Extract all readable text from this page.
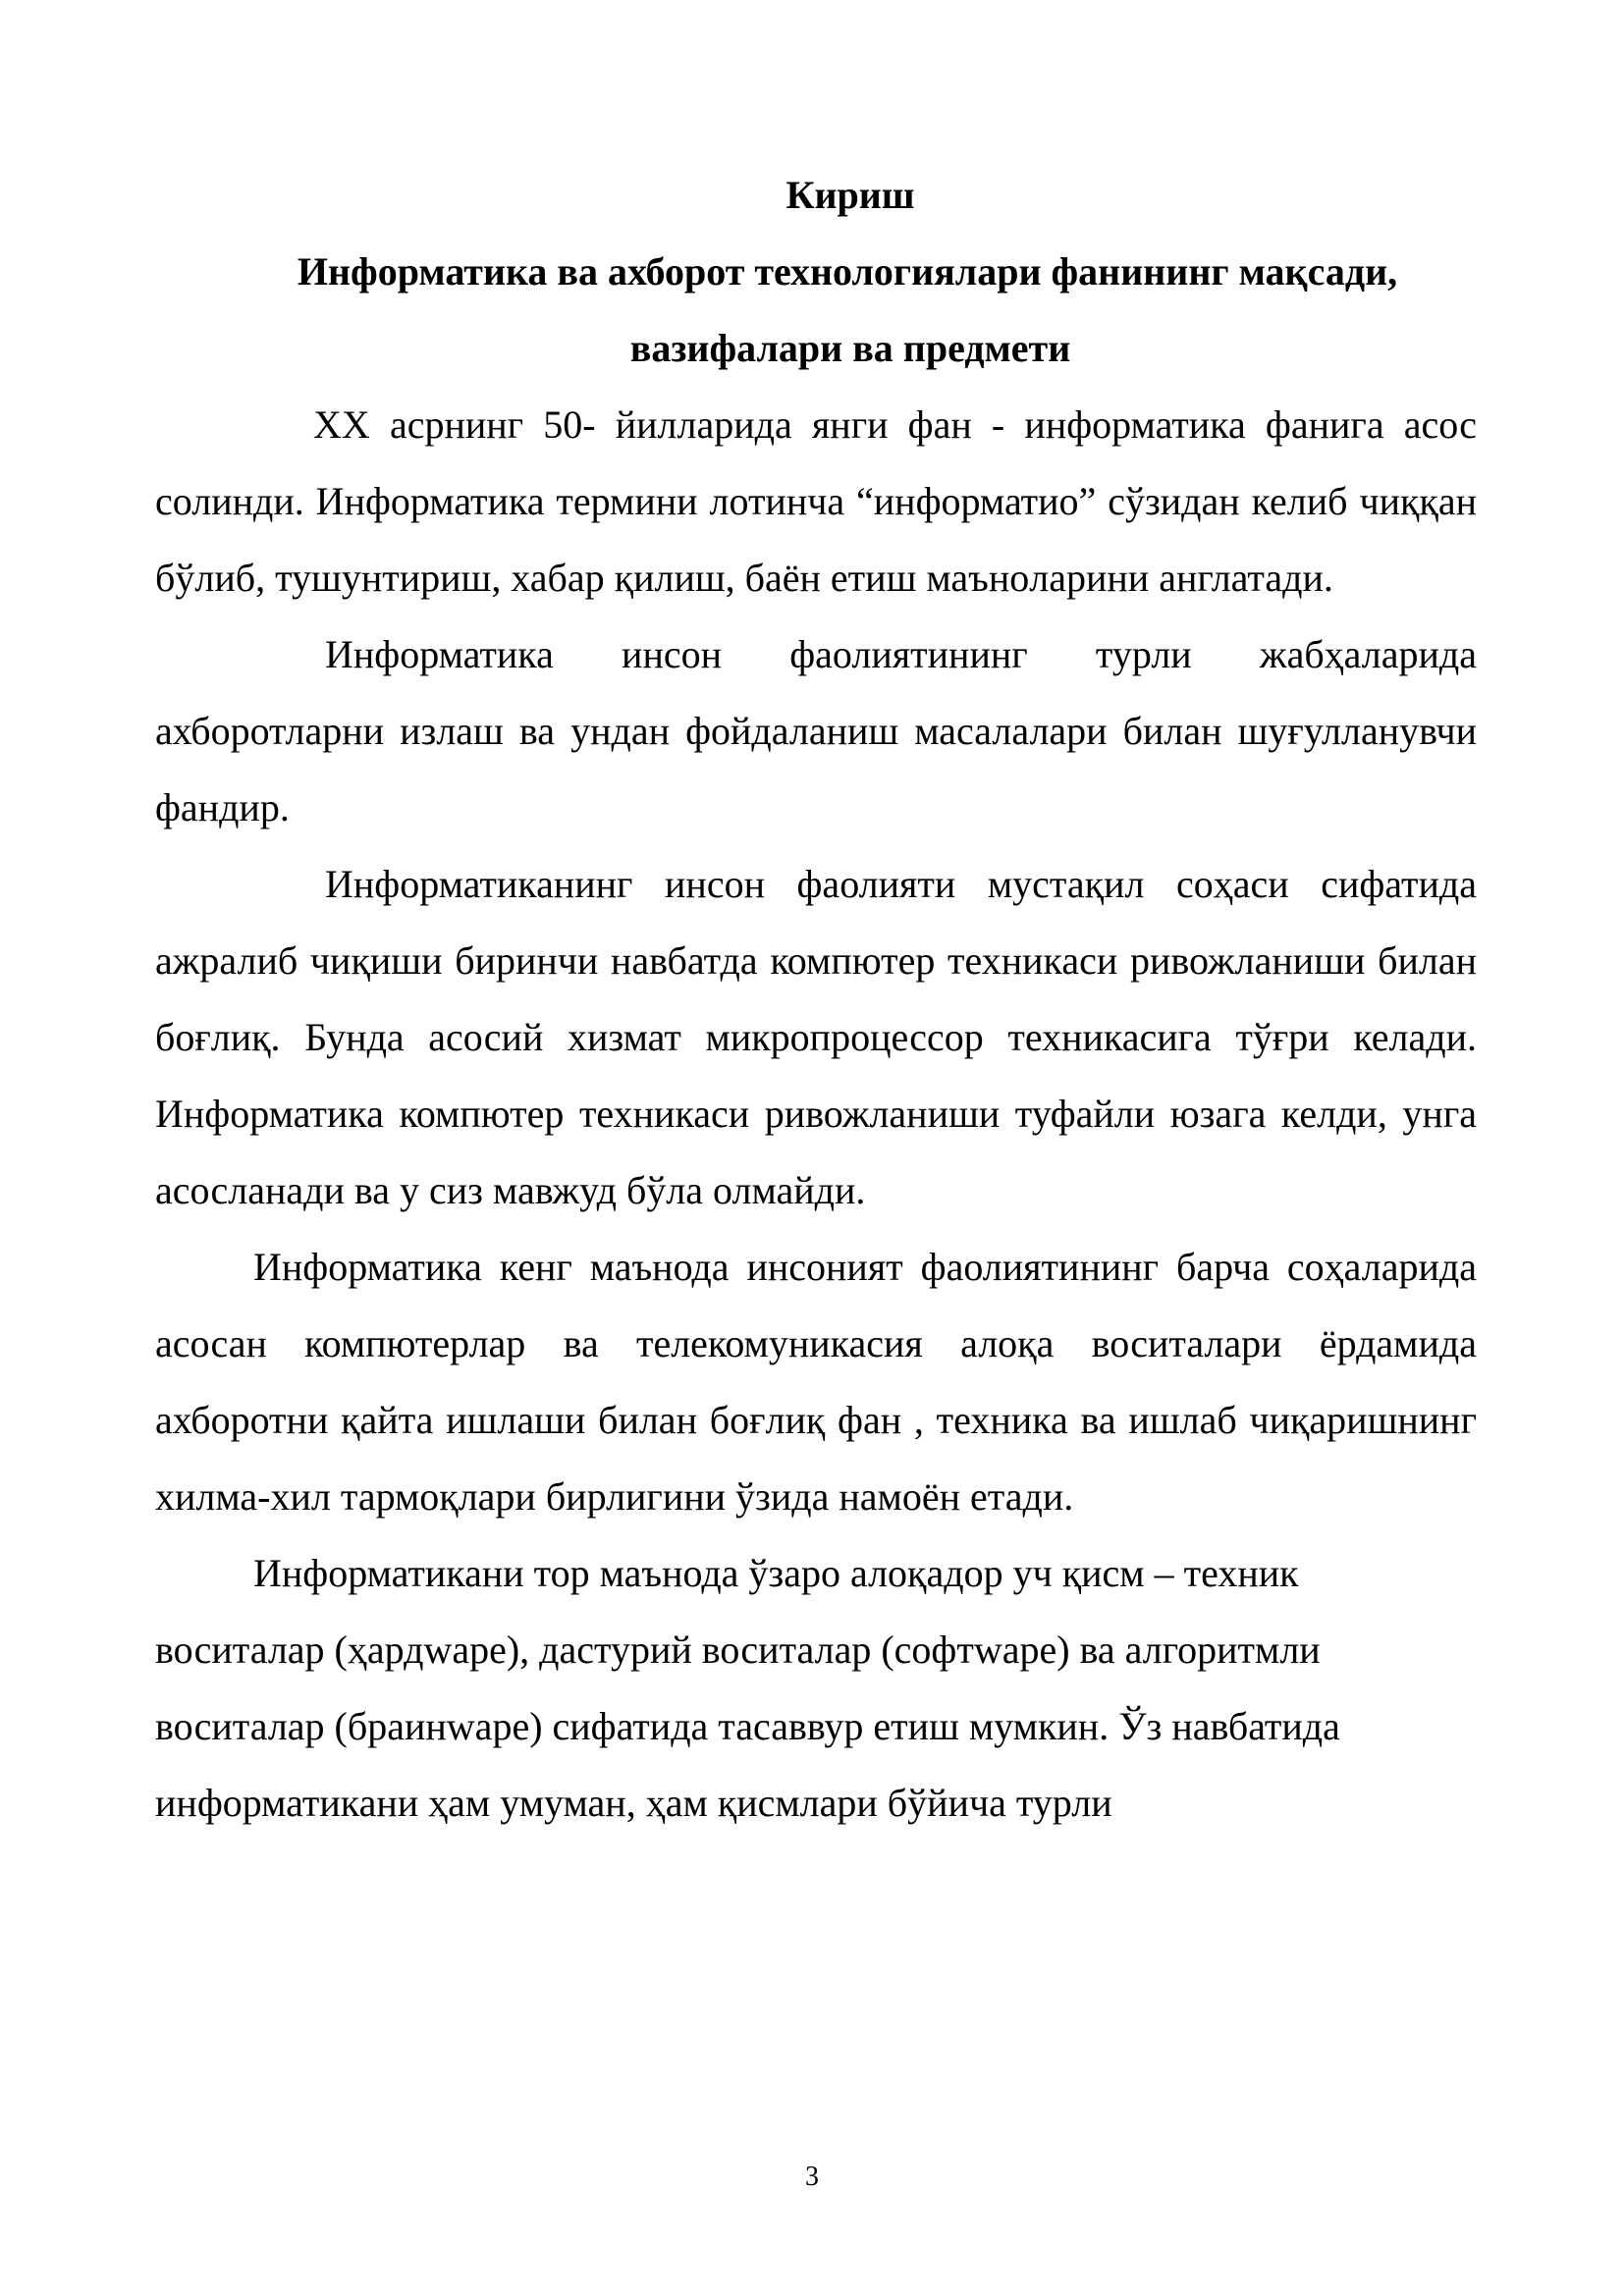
Кириш

Информатика ва ахборот технологиялари фанининг мақсади,

вазифалари ва предмети

XX асрнинг 50- йилларида янги фан - информатика фанига асос солинди. Информатика термини лотинча “информатио” сўзидан келиб чиққан бўлиб, тушунтириш, хабар қилиш, баён етиш маънoларини англатади.

Информатика инсон фаолиятининг турли жабҳаларида ахборотларни излаш ва ундан фойдаланиш масалалари билан шуғулланувчи фандир.

Информатиканинг инсон фаолияти мустақил соҳаси сифатида ажралиб чиқиши биринчи навбатда компютер техникаси ривожланиши билан боғлиқ. Бунда асосий хизмат микропроцессор техникасига тўғри келади. Информатика компютер техникаси ривожланиши туфайли юзага келди, унга асосланади ва у сиз мавжуд бўла олмайди.

Информатика кенг маънода инсоният фаолиятининг барча соҳаларида асосан компютерлар ва телекомуникасия алоқа воситалари ёрдамида ахборотни қайта ишлаши билан боғлиқ фан , техника ва ишлаб чиқаришнинг хилма-хил тармоқлари бирлигини ўзида намоён етади.

Информатикани тор маънода ўзаро алоқадор уч қисм – техник воситалар (ҳардwаре), дастурий воситалар (софтwаре) ва алгоритмли воситалар (браинwаре) сифатида тасаввур етиш мумкин. Ўз навбатида информатикани ҳам умуман, ҳам қисмлари бўйича турли

3
